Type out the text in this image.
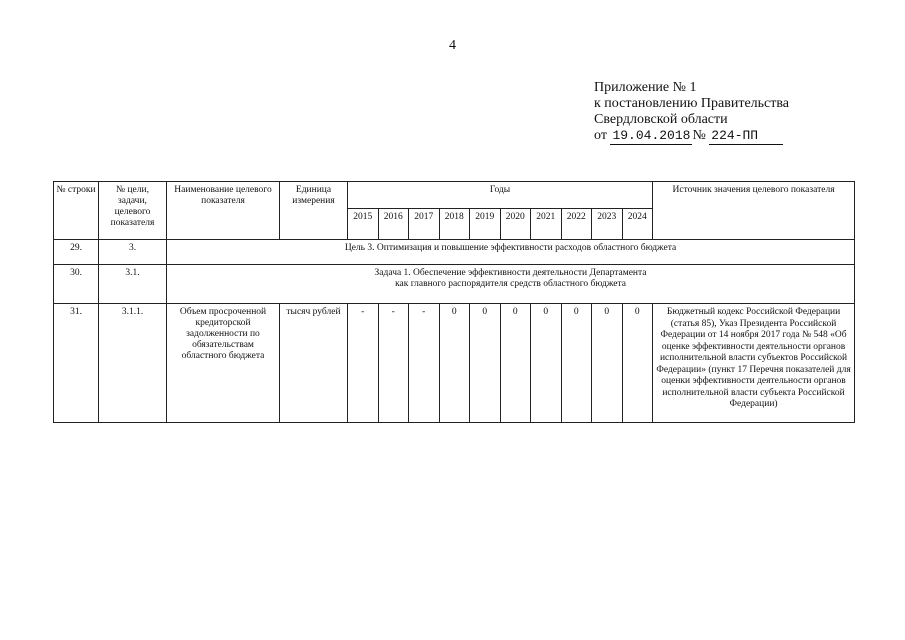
4
Приложение № 1
к постановлению Правительства
Свердловской области
от 19.04.2018 № 224-ПП
№ строки	№ цели, задачи, целевого показателя	Наименование целевого показателя	Единица измерения	Годы										Источник значения целевого показателя
				2015	2016	2017	2018	2019	2020	2021	2022	2023	2024	
29.	3.	Цель 3. Оптимизация и повышение эффективности расходов областного бюджета												
30.	3.1.	Задача 1. Обеспечение эффективности деятельности Департамента
как главного распорядителя средств областного бюджета												

31.	3.1.1.	Объем просроченной кредиторской задолженности по обязательствам областного бюджета	тысяч рублей	-	-	-	0	0	0	0	0	0	0	Бюджетный кодекс Российской Федерации (статья 85), Указ Президента Российской Федерации от 14 ноября 2017 года № 548 «Об оценке эффективности деятельности органов исполнительной власти субъектов Российской Федерации» (пункт 17 Перечня показателей для оценки эффективности деятельности органов исполнительной власти субъекта Российской Федерации)
